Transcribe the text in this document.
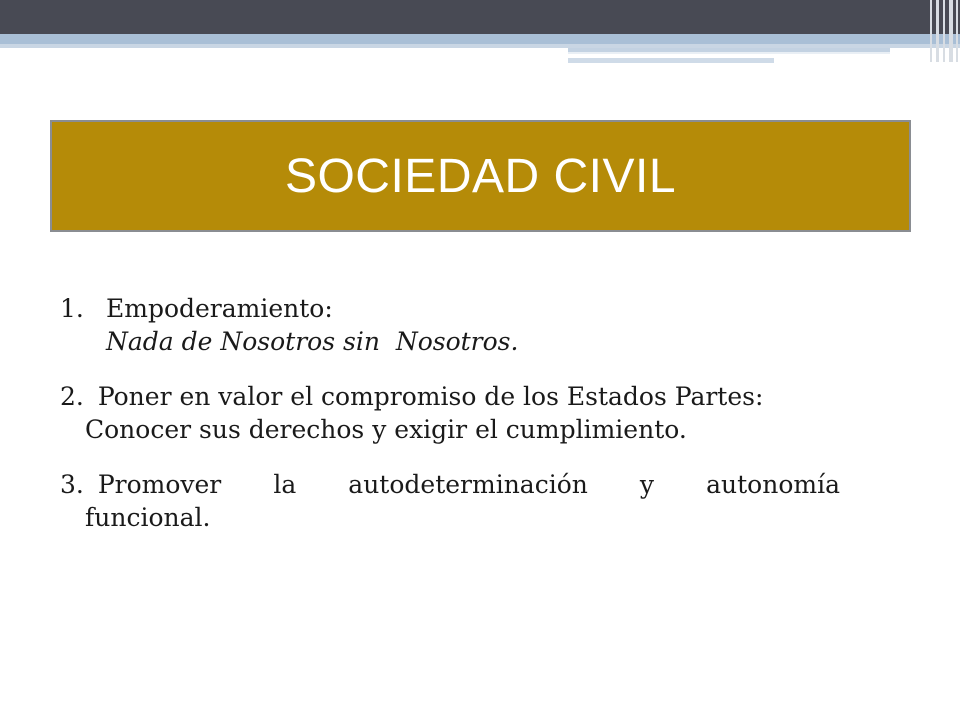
SOCIEDAD CIVIL
1. Empoderamiento:
Nada de Nosotros sin  Nosotros.
2. Poner en valor el compromiso de los Estados Partes:
Conocer sus derechos y exigir el cumplimiento.
3. Promover la autodeterminación y autonomía
funcional.
